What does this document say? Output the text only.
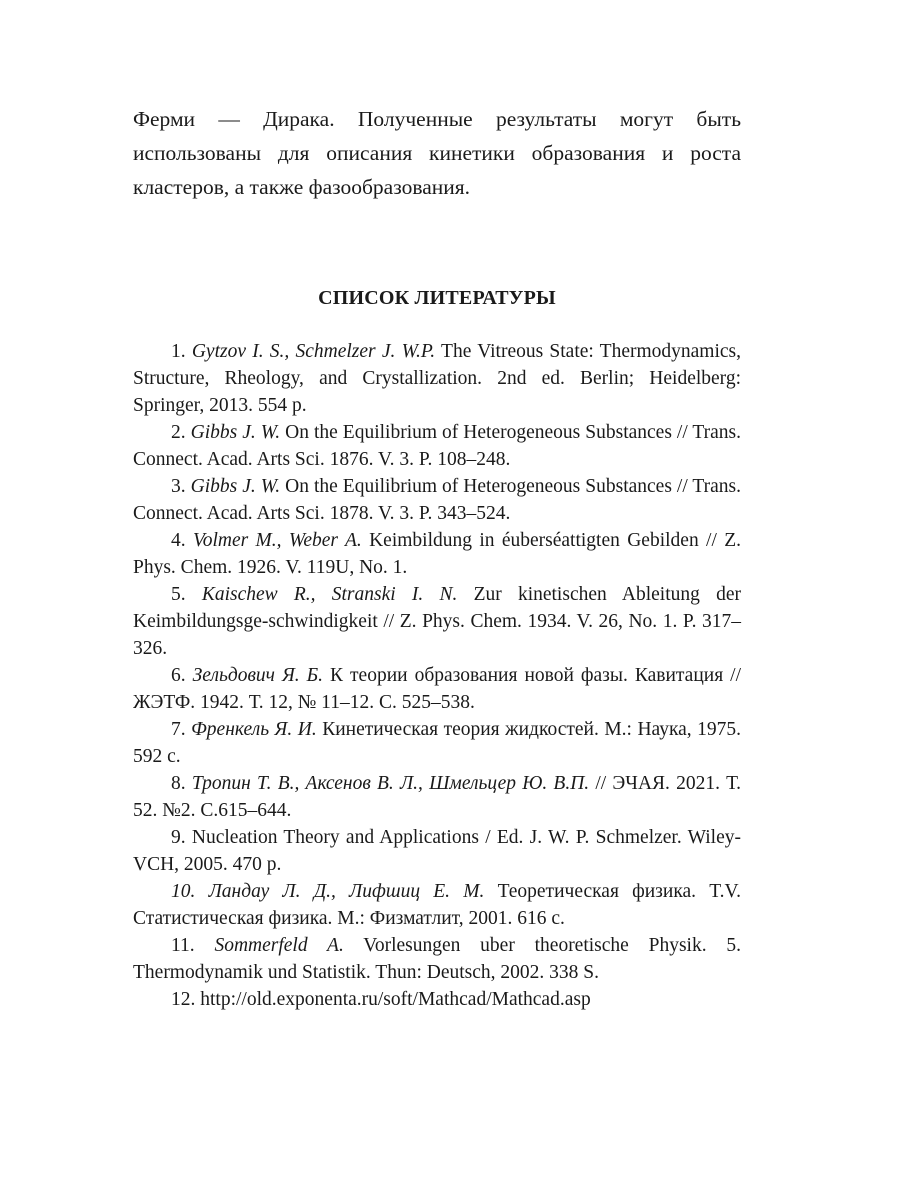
Ферми — Дирака. Полученные результаты могут быть использованы для описания кинетики образования и роста кластеров, а также фазообразования.

СПИСОК ЛИТЕРАТУРЫ
1. Gytzov I. S., Schmelzer J. W.P. The Vitreous State: Thermodynamics, Structure, Rheology, and Crystallization. 2nd ed. Berlin; Heidelberg: Springer, 2013. 554 p.
2. Gibbs J. W. On the Equilibrium of Heterogeneous Substances // Trans. Connect. Acad. Arts Sci. 1876. V. 3. P. 108–248.
3. Gibbs J. W. On the Equilibrium of Heterogeneous Substances // Trans. Connect. Acad. Arts Sci. 1878. V. 3. P. 343–524.
4. Volmer M., Weber A. Keimbildung in éuberséattigten Gebilden // Z. Phys. Chem. 1926. V. 119U, No. 1.
5. Kaischew R., Stranski I. N. Zur kinetischen Ableitung der Keimbildungsge-schwindigkeit // Z. Phys. Chem. 1934. V. 26, No. 1. P. 317–326.
6. Зельдович Я. Б. К теории образования новой фазы. Кавитация // ЖЭТФ. 1942. Т. 12, № 11–12. С. 525–538.
7. Френкель Я. И. Кинетическая теория жидкостей. М.: Наука, 1975. 592 с.
8. Тропин Т. В., Аксенов В. Л., Шмельцер Ю. В.П. // ЭЧАЯ. 2021. Т. 52. №2. С.615–644.
9. Nucleation Theory and Applications / Ed. J. W. P. Schmelzer. Wiley-VCH, 2005. 470 p.
10. Ландау Л. Д., Лифшиц Е. М. Теоретическая физика. T.V. Статистическая физика. М.: Физматлит, 2001. 616 с.
11. Sommerfeld A. Vorlesungen uber theoretische Physik. 5. Thermodynamik und Statistik. Thun: Deutsch, 2002. 338 S.
12. http://old.exponenta.ru/soft/Mathcad/Mathcad.asp
